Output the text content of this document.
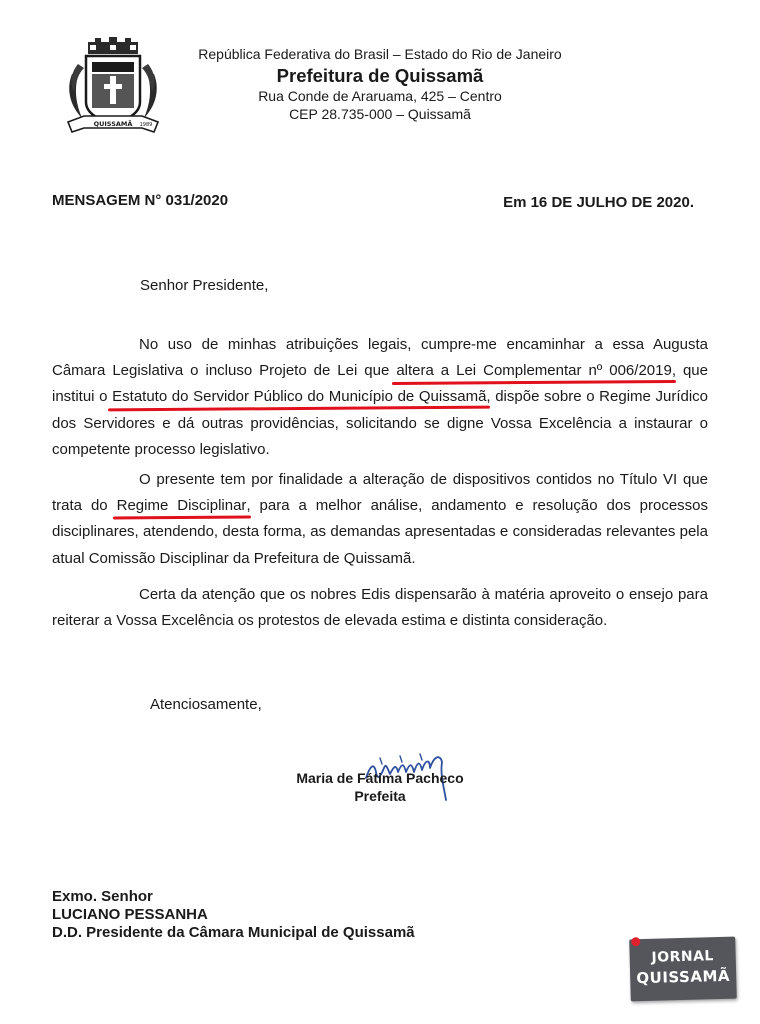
QUISSAMÃ 1989
República Federativa do Brasil – Estado do Rio de Janeiro
Prefeitura de Quissamã
Rua Conde de Araruama, 425 – Centro
CEP 28.735-000 – Quissamã
MENSAGEM N° 031/2020	Em 16 DE JULHO DE 2020.
Senhor Presidente,
No uso de minhas atribuições legais, cumpre-me encaminhar a essa Augusta Câmara Legislativa o incluso Projeto de Lei que altera a Lei Complementar nº 006/2019, que institui o Estatuto do Servidor Público do Município de Quissamã, dispõe sobre o Regime Jurídico dos Servidores e dá outras providências, solicitando se digne Vossa Excelência a instaurar o competente processo legislativo.
O presente tem por finalidade a alteração de dispositivos contidos no Título VI que trata do Regime Disciplinar, para a melhor análise, andamento e resolução dos processos disciplinares, atendendo, desta forma, as demandas apresentadas e consideradas relevantes pela atual Comissão Disciplinar da Prefeitura de Quissamã.
Certa da atenção que os nobres Edis dispensarão à matéria aproveito o ensejo para reiterar a Vossa Excelência os protestos de elevada estima e distinta consideração.
Atenciosamente,
Maria de Fátima Pacheco
Prefeita
Exmo. Senhor
LUCIANO PESSANHA
D.D. Presidente da Câmara Municipal de Quissamã
JORNAL
QUISSAMÃ
